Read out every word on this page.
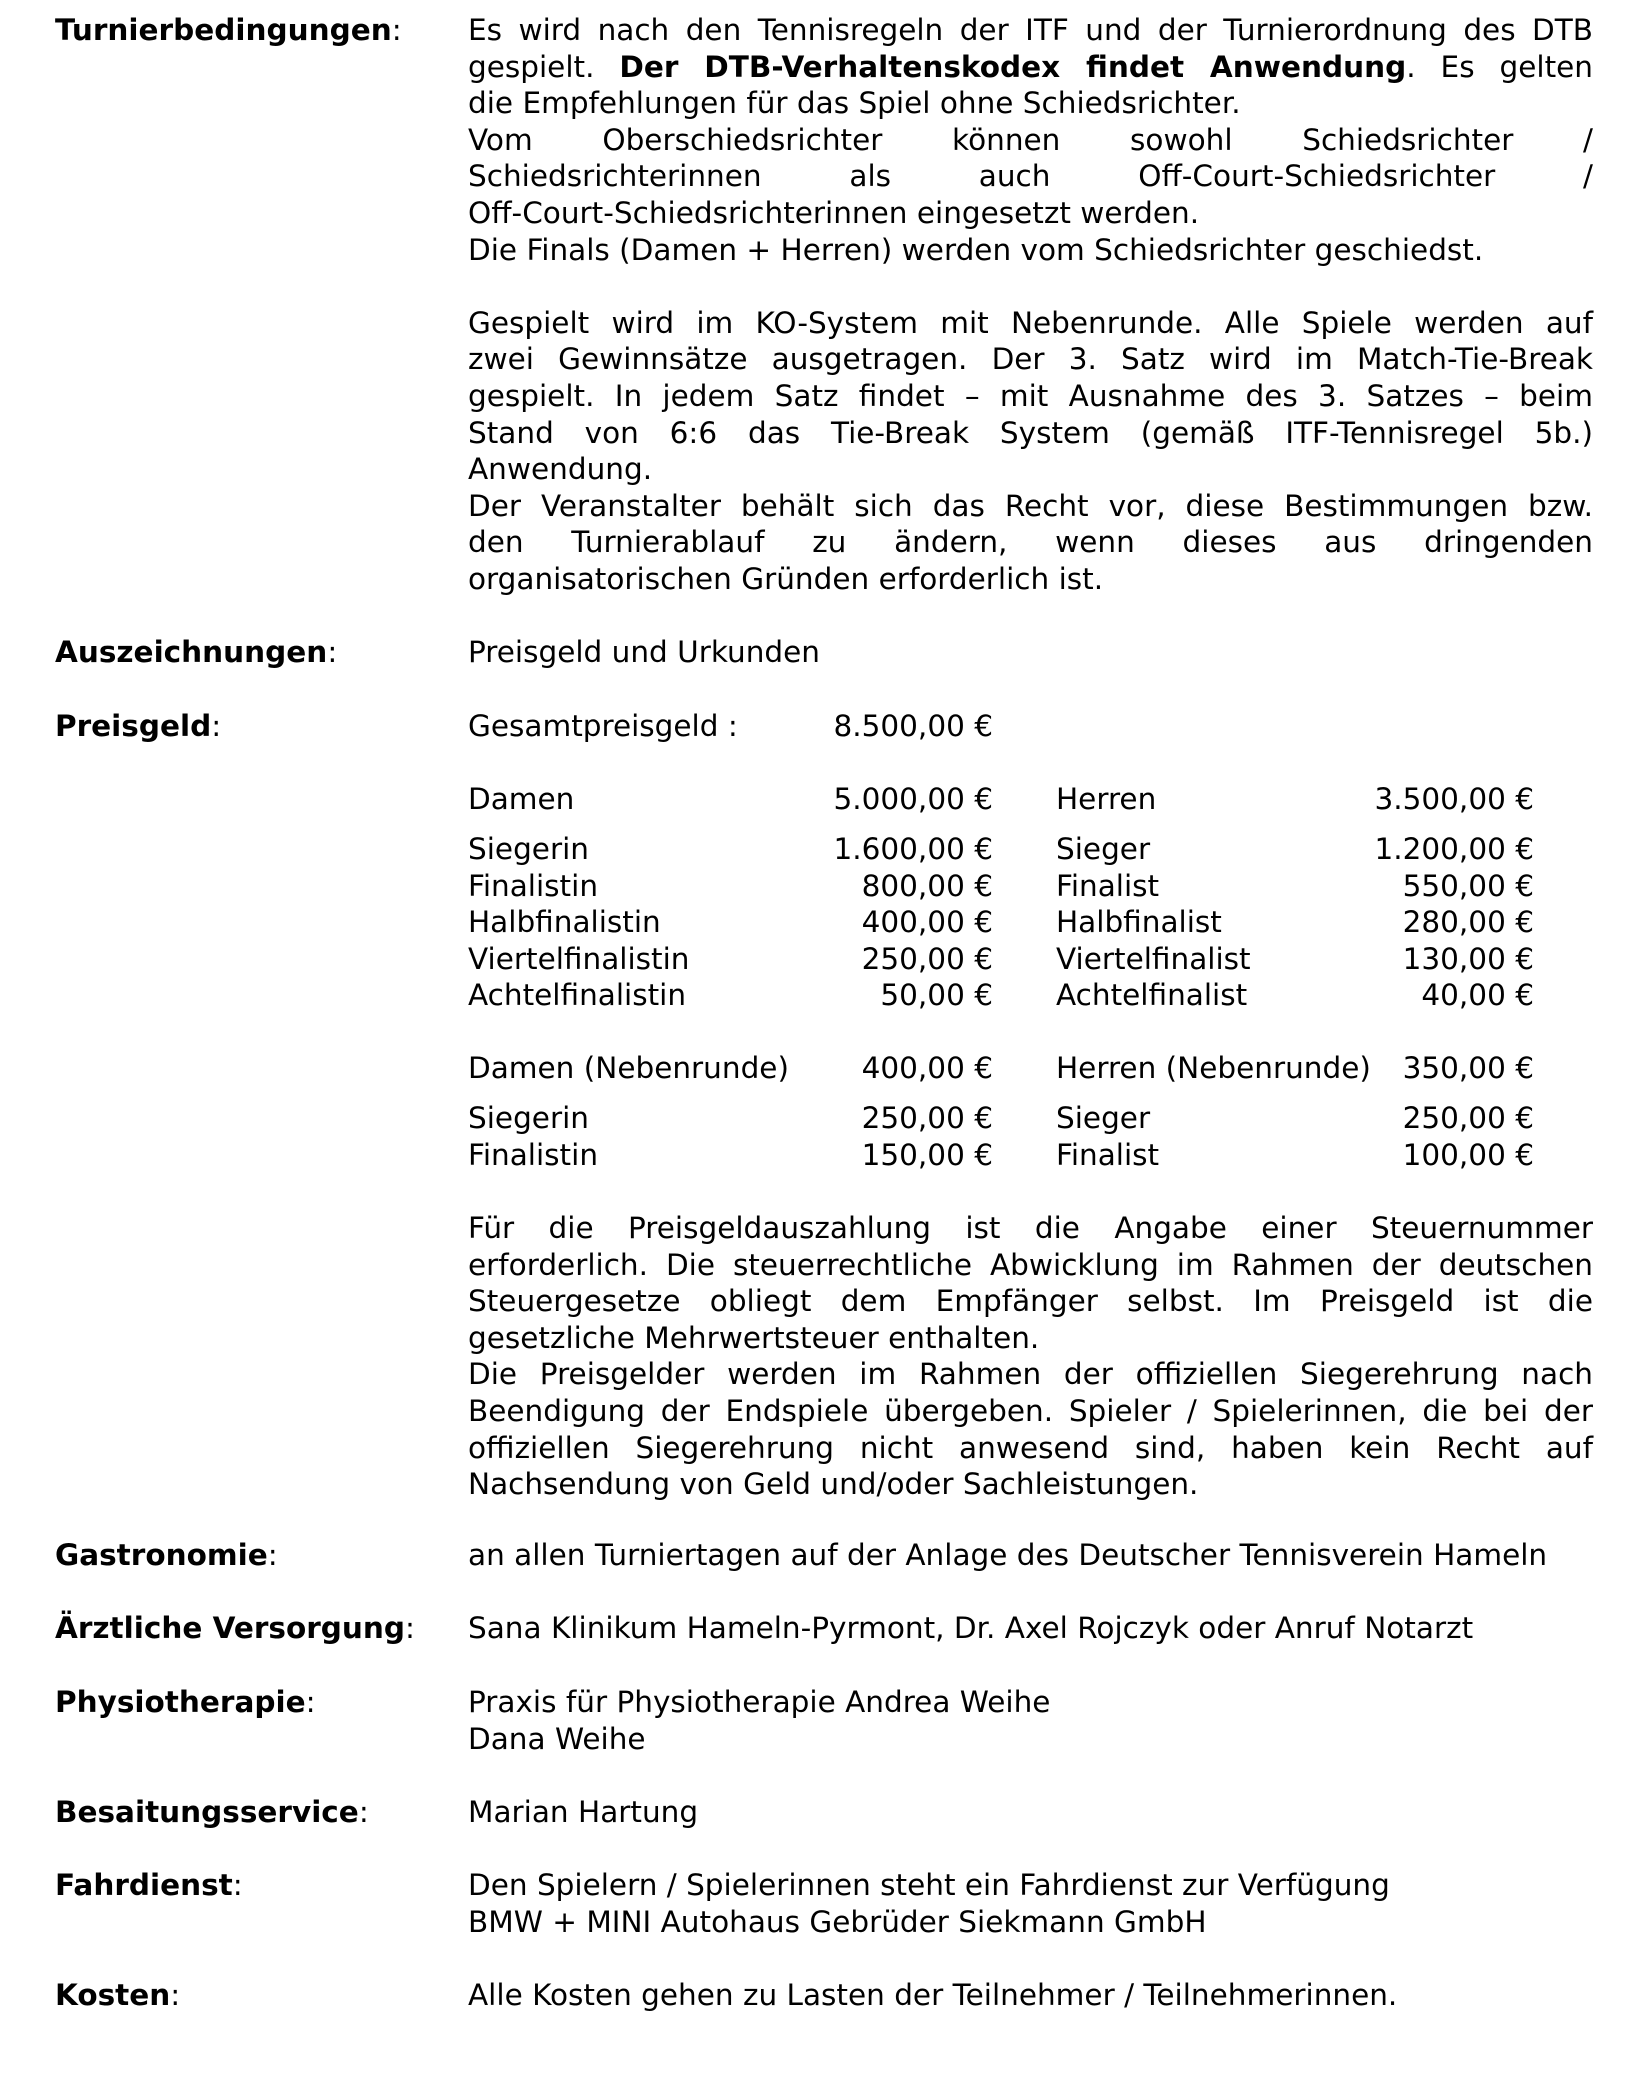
Turnierbedingungen: Es wird nach den Tennisregeln der ITF und der Turnierordnung des DTB
gespielt. Der DTB-Verhaltenskodex findet Anwendung. Es gelten
die Empfehlungen für das Spiel ohne Schiedsrichter.
Vom Oberschiedsrichter können sowohl Schiedsrichter /
Schiedsrichterinnen als auch Off-Court-Schiedsrichter /
Off-Court-Schiedsrichterinnen eingesetzt werden.
Die Finals (Damen + Herren) werden vom Schiedsrichter geschiedst.
Gespielt wird im KO-System mit Nebenrunde. Alle Spiele werden auf
zwei Gewinnsätze ausgetragen. Der 3. Satz wird im Match-Tie-Break
gespielt. In jedem Satz findet – mit Ausnahme des 3. Satzes – beim
Stand von 6:6 das Tie-Break System (gemäß ITF-Tennisregel 5b.)
Anwendung.
Der Veranstalter behält sich das Recht vor, diese Bestimmungen bzw.
den Turnierablauf zu ändern, wenn dieses aus dringenden
organisatorischen Gründen erforderlich ist.
Auszeichnungen:	Preisgeld und Urkunden
Preisgeld:	Gesamtpreisgeld :	8.500,00 €
Damen	5.000,00 € Herren	3.500,00 €
Siegerin	1.600,00 € Sieger	1.200,00 €
Finalistin	800,00 € Finalist	550,00 €
Halbfinalistin	400,00 € Halbfinalist	280,00 €
Viertelfinalistin	250,00 € Viertelfinalist	130,00 €
Achtelfinalistin	50,00 € Achtelfinalist	40,00 €
Damen (Nebenrunde)	400,00 € Herren (Nebenrunde)	350,00 €
Siegerin	250,00 € Sieger	250,00 €
Finalistin	150,00 € Finalist	100,00 €
Für die Preisgeldauszahlung ist die Angabe einer Steuernummer
erforderlich. Die steuerrechtliche Abwicklung im Rahmen der deutschen
Steuergesetze obliegt dem Empfänger selbst. Im Preisgeld ist die
gesetzliche Mehrwertsteuer enthalten.
Die Preisgelder werden im Rahmen der offiziellen Siegerehrung nach
Beendigung der Endspiele übergeben. Spieler / Spielerinnen, die bei der
offiziellen Siegerehrung nicht anwesend sind, haben kein Recht auf
Nachsendung von Geld und/oder Sachleistungen.
Gastronomie:	an allen Turniertagen auf der Anlage des Deutscher Tennisverein Hameln
Ärztliche Versorgung: Sana Klinikum Hameln-Pyrmont, Dr. Axel Rojczyk oder Anruf Notarzt
Physiotherapie:	Praxis für Physiotherapie Andrea Weihe
Dana Weihe
Besaitungsservice:	Marian Hartung
Fahrdienst:	Den Spielern / Spielerinnen steht ein Fahrdienst zur Verfügung
BMW + MINI Autohaus Gebrüder Siekmann GmbH
Kosten:	Alle Kosten gehen zu Lasten der Teilnehmer / Teilnehmerinnen.
